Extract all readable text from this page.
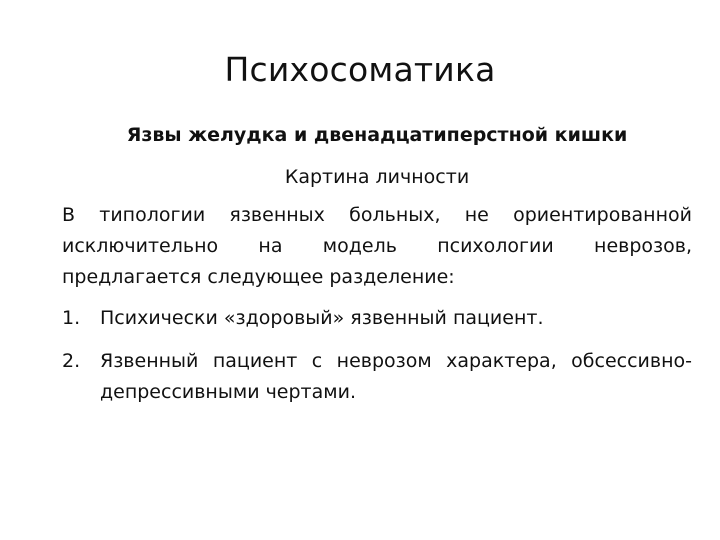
Психосоматика

Язвы желудка и двенадцатиперстной кишки

Картина личности

В типологии язвенных больных, не ориентированной исключительно на модель психологии неврозов, предлагается следующее разделение:

1.	Психически «здоровый» язвенный пациент.
2.	Язвенный пациент с неврозом характера, обсессивно-депрессивными чертами.
